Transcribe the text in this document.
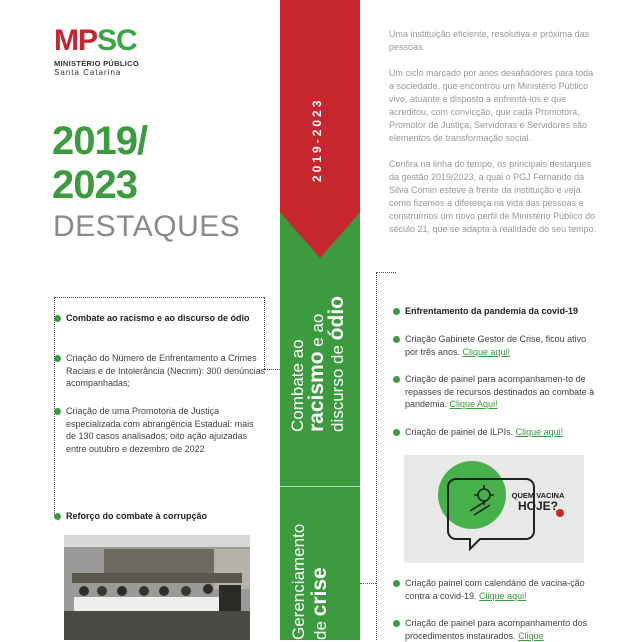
MPSC
MINISTÉRIO PÚBLICO
Santa Catarina
2019/
2023
DESTAQUES
2019-2023
Combate ao
racismo e ao
discurso de ódio
Gerenciamento de crise

Uma instituição eficiente, resolutiva e próxima das pessoas.

Um ciclo marcado por anos desafiadores para toda a sociedade, que encontrou um Ministério Público vivo, atuante e disposto a enfrentá-los e que acreditou, com convicção, que cada Promotora, Promotor de Justiça, Servidoras e Servidores são elementos de transformação social.

Confira na linha do tempo, os principais destaques da gestão 2019/2023, a qual o PGJ Fernando da Silva Comin esteve à frente da instituição e veja como fizemos a diferença na vida das pessoas e construímos um novo perfil de Ministério Público do século 21, que se adapta à realidade do seu tempo.

Combate ao racismo e ao discurso de ódio
Criação do Número de Enfrentamento a Crimes Raciais e de Intolerância (Necrim): 300 denúncias acompanhadas;
Criação de uma Promotoria de Justiça especializada com abrangência Estadual: mais de 130 casos analisados; oito ação ajuizadas entre outubro e dezembro de 2022
Reforço do combate à corrupção
Enfrentamento da pandemia da covid-19
Criação Gabinete Gestor de Crise, ficou ativo por três anos. Clique aqui!
Criação de painel para acompanhamen-to de repasses de recursos destinados ao combate à pandemia. Clique Aqui!
Criação de painel de ILPIs. Clique aqui!
QUEM VACINA
HOJE?
Criação painel com calendário de vacina-ção contra a covid-19. Clique aqui!
Criação de painel para acompanhamento dos procedimentos instaurados. Clique
